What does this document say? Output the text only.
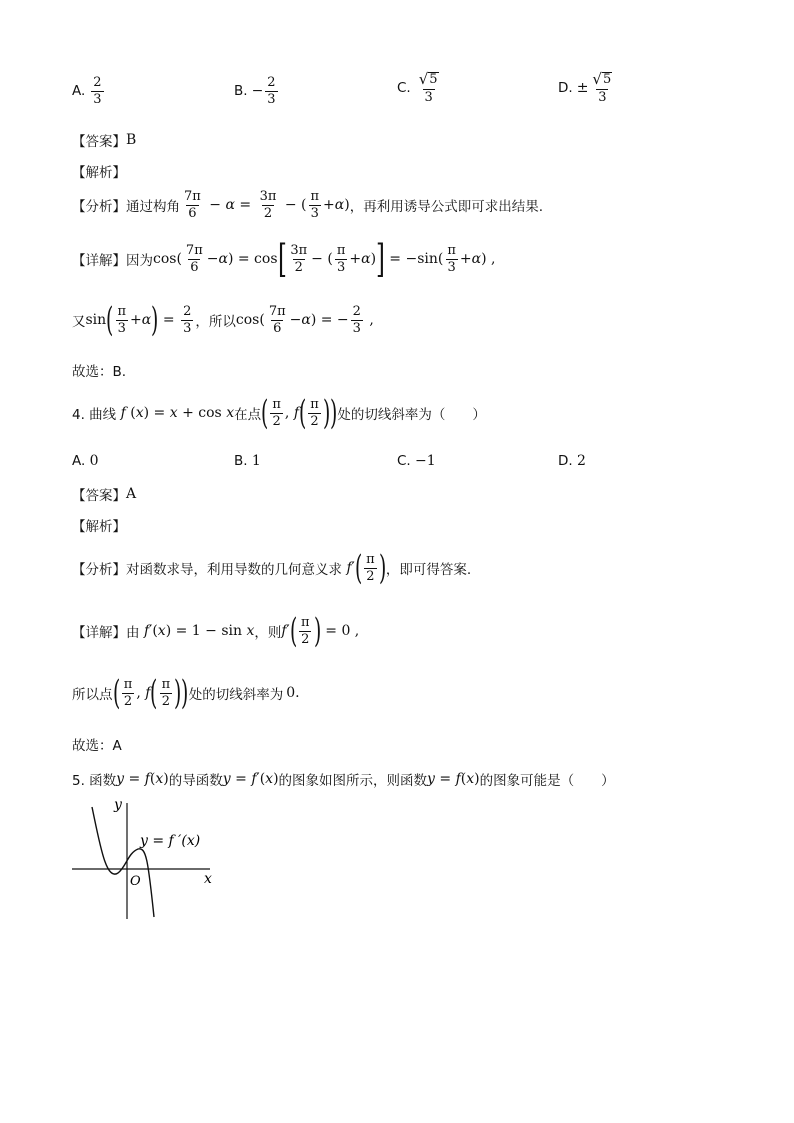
A. $\frac{2}{3}$	B. − $\frac{2}{3}$	C. $\frac{√ 5}{3}$	D. ± $\frac{√ 5}{3}$
【答案】 B
【解析】
【分析】 通过构角 $\frac{7\pi}{6} - \alpha = \frac{3\pi}{2}$ − ( $\frac{\pi}{3} + \alpha$ ) ，再利用诱导公式即可求出结果.
【详解】 因为 $\cos( \frac{7\pi}{6} - \alpha$ ) = cos [ $\frac{3\pi}{2}$ − ( $\frac{\pi}{3} + \alpha$ ) ] = $-\sin( \frac{\pi}{3} + \alpha$ ) ,
又 sin ( $\frac{\pi}{3} + \alpha$ ) = $\frac{2}{3}$ ，所以 $\cos( \frac{7\pi}{6} - \alpha$ ) = − $\frac{2}{3}$ ,
故选：B.
4. 曲线
f ( x ) = x + cos x 在点 ( $\frac{\pi}{2}$ , f ( $\frac{\pi}{2}$ ) ) 处的切线斜率为（　　）
A.
0	B.
1	C.
−1	D.
2
【答案】 A
【解析】
【分析】 对函数求导，利用导数的几何意义求
f ′ ( $\frac{\pi}{2}$ ) ，即可得答案.
【详解】 由
f ′( x ) = 1 − sin x ，则 f ′ ( $\frac{\pi}{2}$ ) = 0 ,
所以点 ( $\frac{\pi}{2}$ , f ( $\frac{\pi}{2}$ ) ) 处的切线斜率为 0 .
故选：A
5. 函数 y = f(x) 的导函数 y = f′(x) 的图象如图所示，则函数 y = f(x) 的图象可能是（　　）
y
x
O
y = f ′(x)
